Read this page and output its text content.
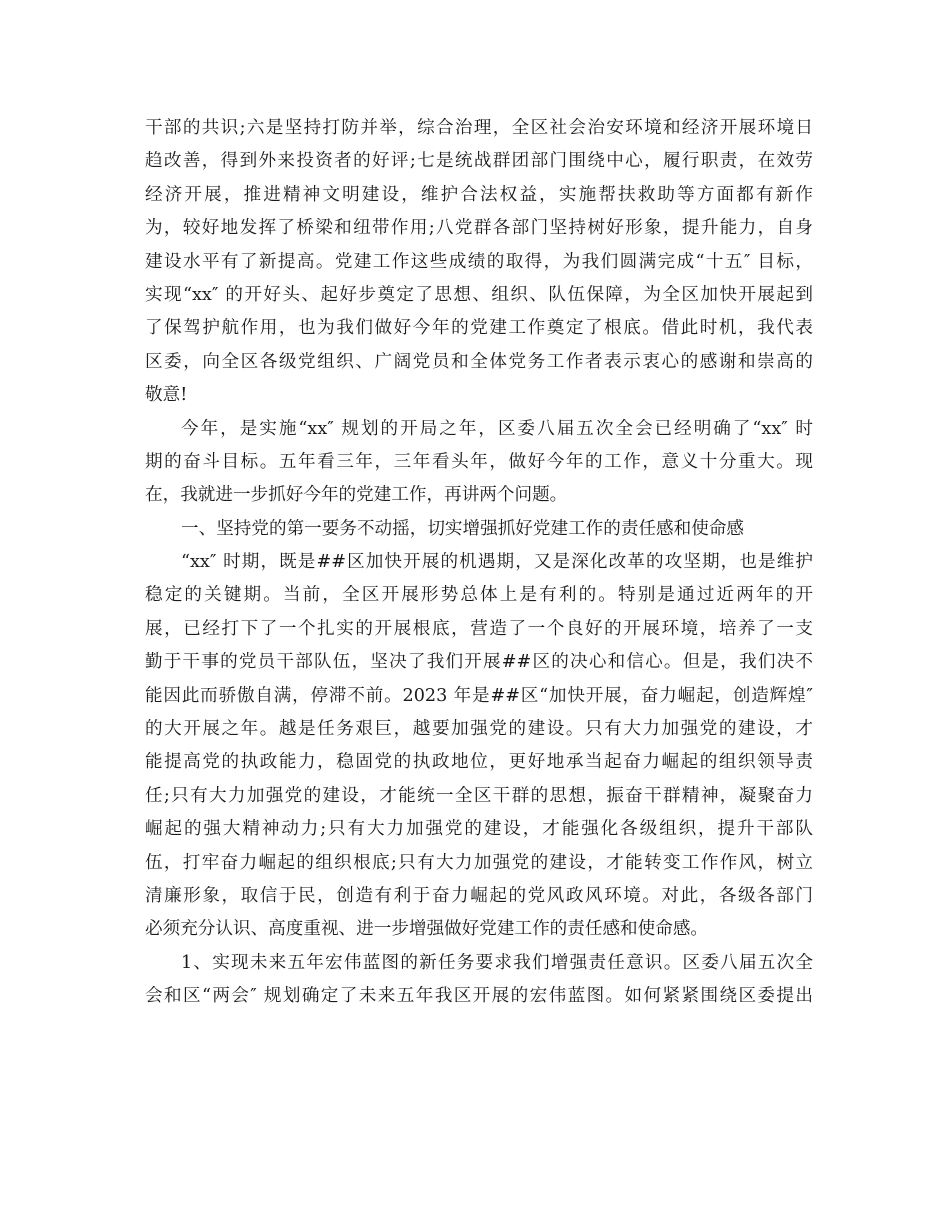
干部的共识;六是坚持打防并举，综合治理，全区社会治安环境和经济开展环境日
趋改善，得到外来投资者的好评;七是统战群团部门围绕中心，履行职责，在效劳
经济开展，推进精神文明建设，维护合法权益，实施帮扶救助等方面都有新作
为，较好地发挥了桥梁和纽带作用;八党群各部门坚持树好形象，提升能力，自身
建设水平有了新提高。党建工作这些成绩的取得，为我们圆满完成“十五″ 目标，
实现“xx″ 的开好头、起好步奠定了思想、组织、队伍保障，为全区加快开展起到
了保驾护航作用，也为我们做好今年的党建工作奠定了根底。借此时机，我代表
区委，向全区各级党组织、广阔党员和全体党务工作者表示衷心的感谢和崇高的
敬意!
今年，是实施“xx″ 规划的开局之年，区委八届五次全会已经明确了“xx″ 时
期的奋斗目标。五年看三年，三年看头年，做好今年的工作，意义十分重大。现
在，我就进一步抓好今年的党建工作，再讲两个问题。
一、坚持党的第一要务不动摇，切实增强抓好党建工作的责任感和使命感
“xx″ 时期，既是##区加快开展的机遇期，又是深化改革的攻坚期，也是维护
稳定的关键期。当前，全区开展形势总体上是有利的。特别是通过近两年的开
展，已经打下了一个扎实的开展根底，营造了一个良好的开展环境，培养了一支
勤于干事的党员干部队伍，坚决了我们开展##区的决心和信心。但是，我们决不
能因此而骄傲自满，停滞不前。2023 年是##区“加快开展，奋力崛起，创造辉煌″
的大开展之年。越是任务艰巨，越要加强党的建设。只有大力加强党的建设，才
能提高党的执政能力，稳固党的执政地位，更好地承当起奋力崛起的组织领导责
任;只有大力加强党的建设，才能统一全区干群的思想，振奋干群精神，凝聚奋力
崛起的强大精神动力;只有大力加强党的建设，才能强化各级组织，提升干部队
伍，打牢奋力崛起的组织根底;只有大力加强党的建设，才能转变工作作风，树立
清廉形象，取信于民，创造有利于奋力崛起的党风政风环境。对此，各级各部门
必须充分认识、高度重视、进一步增强做好党建工作的责任感和使命感。
1、实现未来五年宏伟蓝图的新任务要求我们增强责任意识。区委八届五次全
会和区“两会″ 规划确定了未来五年我区开展的宏伟蓝图。如何紧紧围绕区委提出
